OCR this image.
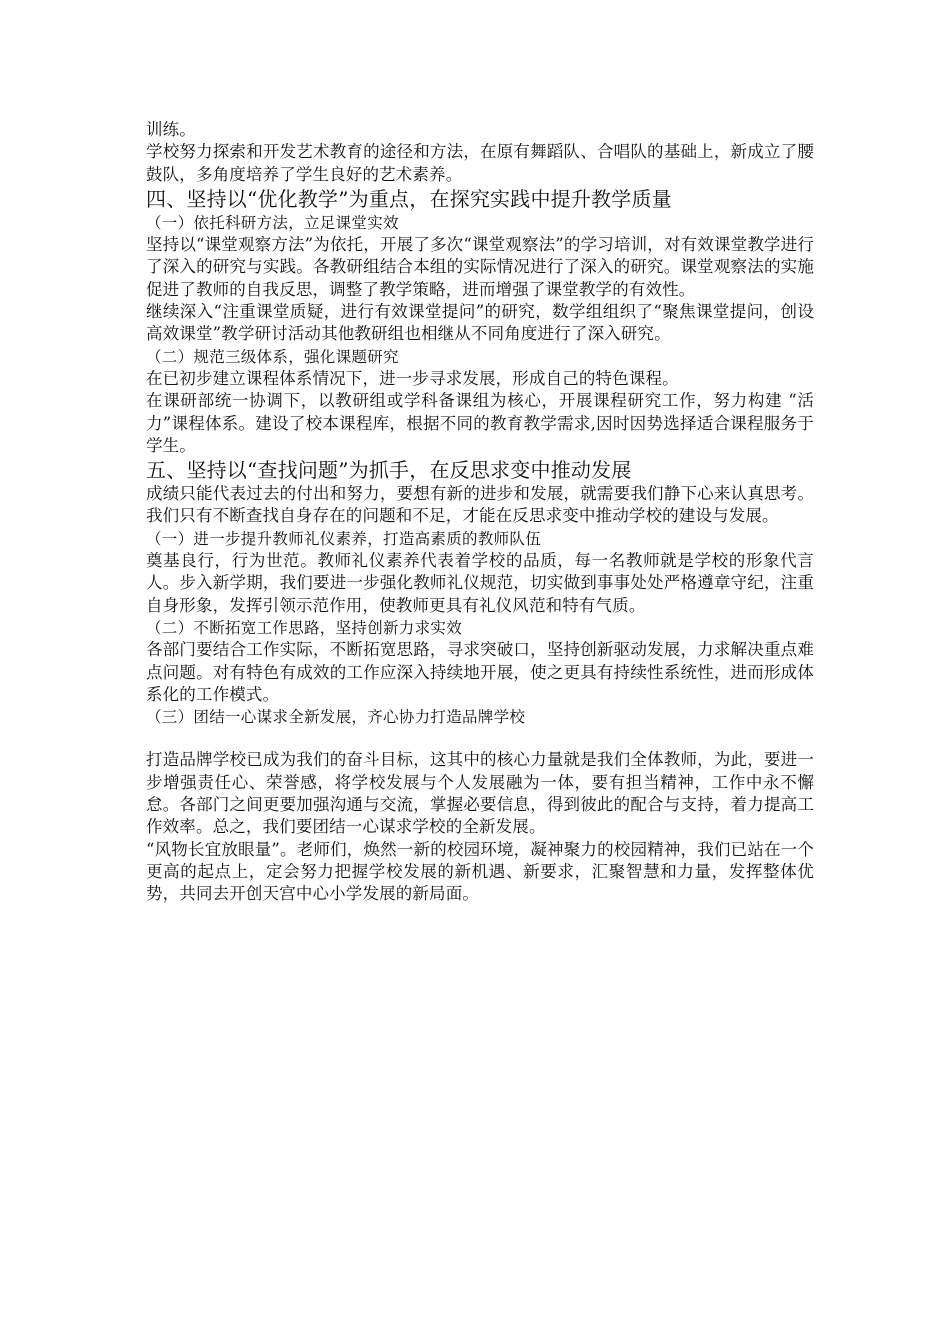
训练。

学校努力探索和开发艺术教育的途径和方法，在原有舞蹈队、合唱队的基础上，新成立了腰鼓队，多角度培养了学生良好的艺术素养。

四、坚持以“优化教学”为重点，在探究实践中提升教学质量

（一）依托科研方法，立足课堂实效

坚持以“课堂观察方法”为依托，开展了多次“课堂观察法”的学习培训，对有效课堂教学进行了深入的研究与实践。各教研组结合本组的实际情况进行了深入的研究。课堂观察法的实施促进了教师的自我反思，调整了教学策略，进而增强了课堂教学的有效性。

继续深入“注重课堂质疑，进行有效课堂提问”的研究，数学组组织了“聚焦课堂提问，创设高效课堂”教学研讨活动其他教研组也相继从不同角度进行了深入研究。

（二）规范三级体系，强化课题研究

在已初步建立课程体系情况下，进一步寻求发展，形成自己的特色课程。

在课研部统一协调下，以教研组或学科备课组为核心，开展课程研究工作，努力构建 “活力”课程体系。建设了校本课程库，根据不同的教育教学需求,因时因势选择适合课程服务于学生。

五、坚持以“查找问题”为抓手，在反思求变中推动发展

成绩只能代表过去的付出和努力，要想有新的进步和发展，就需要我们静下心来认真思考。我们只有不断查找自身存在的问题和不足，才能在反思求变中推动学校的建设与发展。

（一）进一步提升教师礼仪素养，打造高素质的教师队伍

奠基良行，行为世范。教师礼仪素养代表着学校的品质，每一名教师就是学校的形象代言人。步入新学期，我们要进一步强化教师礼仪规范，切实做到事事处处严格遵章守纪，注重自身形象，发挥引领示范作用，使教师更具有礼仪风范和特有气质。

（二）不断拓宽工作思路，坚持创新力求实效

各部门要结合工作实际，不断拓宽思路，寻求突破口，坚持创新驱动发展，力求解决重点难点问题。对有特色有成效的工作应深入持续地开展，使之更具有持续性系统性，进而形成体系化的工作模式。

（三）团结一心谋求全新发展，齐心协力打造品牌学校

打造品牌学校已成为我们的奋斗目标，这其中的核心力量就是我们全体教师，为此，要进一步增强责任心、荣誉感，将学校发展与个人发展融为一体，要有担当精神，工作中永不懈怠。各部门之间更要加强沟通与交流，掌握必要信息，得到彼此的配合与支持，着力提高工作效率。总之，我们要团结一心谋求学校的全新发展。

“风物长宜放眼量”。老师们，焕然一新的校园环境，凝神聚力的校园精神，我们已站在一个更高的起点上，定会努力把握学校发展的新机遇、新要求，汇聚智慧和力量，发挥整体优势，共同去开创天宫中心小学发展的新局面。
